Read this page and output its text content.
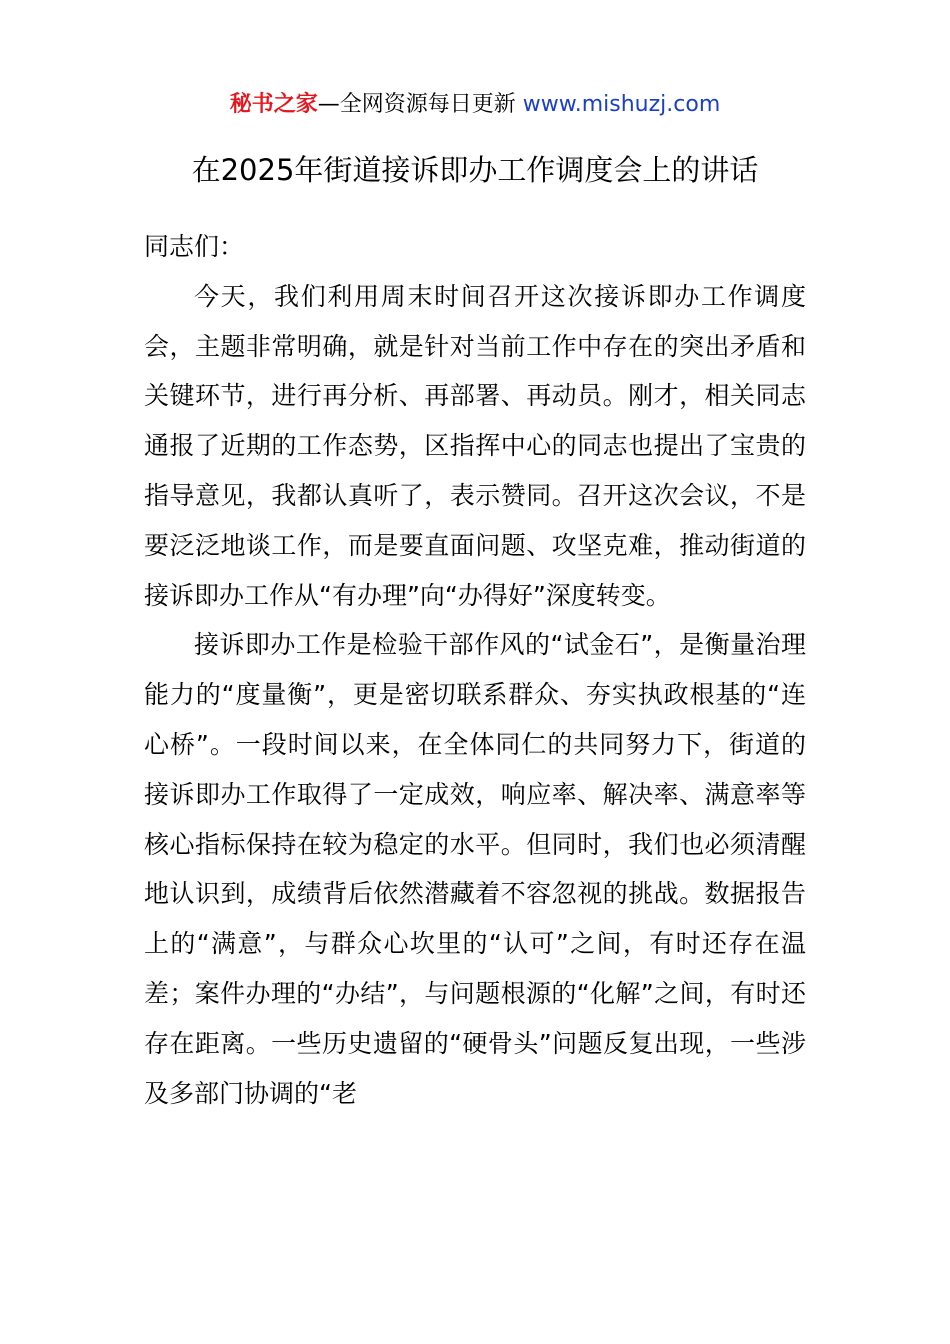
秘书之家—全网资源每日更新 www.mishuzj.com
在2025年街道接诉即办工作调度会上的讲话

同志们：

今天，我们利用周末时间召开这次接诉即办工作调度会，主题非常明确，就是针对当前工作中存在的突出矛盾和关键环节，进行再分析、再部署、再动员。刚才，相关同志通报了近期的工作态势，区指挥中心的同志也提出了宝贵的指导意见，我都认真听了，表示赞同。召开这次会议，不是要泛泛地谈工作，而是要直面问题、攻坚克难，推动街道的接诉即办工作从“有办理”向“办得好”深度转变。

接诉即办工作是检验干部作风的“试金石”，是衡量治理能力的“度量衡”，更是密切联系群众、夯实执政根基的“连心桥”。一段时间以来，在全体同仁的共同努力下，街道的接诉即办工作取得了一定成效，响应率、解决率、满意率等核心指标保持在较为稳定的水平。但同时，我们也必须清醒地认识到，成绩背后依然潜藏着不容忽视的挑战。数据报告上的“满意”，与群众心坎里的“认可”之间，有时还存在温差；案件办理的“办结”，与问题根源的“化解”之间，有时还存在距离。一些历史遗留的“硬骨头”问题反复出现，一些涉及多部门协调的“老
